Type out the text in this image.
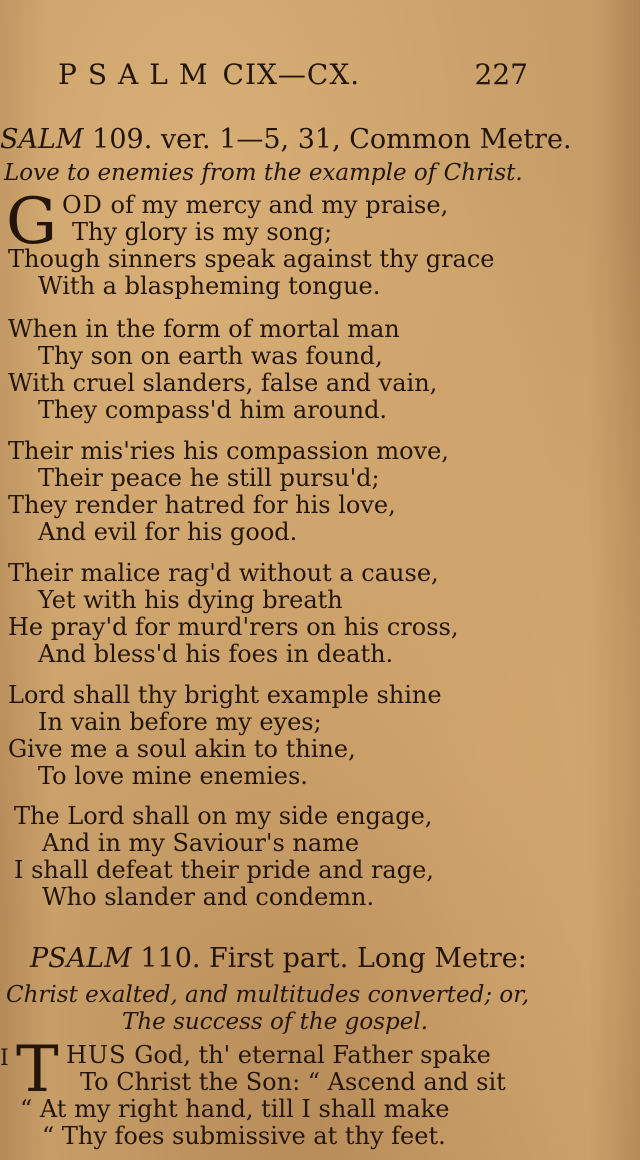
PSALM CIX—CX.	227
SALM 109. ver. 1—5, 31, Common Metre.
Love to enemies from the example of Christ.
G OD of my mercy and my praise,
Thy glory is my song;
Though sinners speak against thy grace
With a blaspheming tongue.
When in the form of mortal man
Thy son on earth was found,
With cruel slanders, false and vain,
They compass'd him around.
Their mis'ries his compassion move,
Their peace he still pursu'd;
They render hatred for his love,
And evil for his good.
Their malice rag'd without a cause,
Yet with his dying breath
He pray'd for murd'rers on his cross,
And bless'd his foes in death.
Lord shall thy bright example shine
In vain before my eyes;
Give me a soul akin to thine,
To love mine enemies.
The Lord shall on my side engage,
And in my Saviour's name
I shall defeat their pride and rage,
Who slander and condemn.
PSALM 110. First part. Long Metre:
Christ exalted, and multitudes converted; or,
The success of the gospel.
I T HUS God, th' eternal Father spake
To Christ the Son: “ Ascend and sit
“ At my right hand, till I shall make
“ Thy foes submissive at thy feet.
